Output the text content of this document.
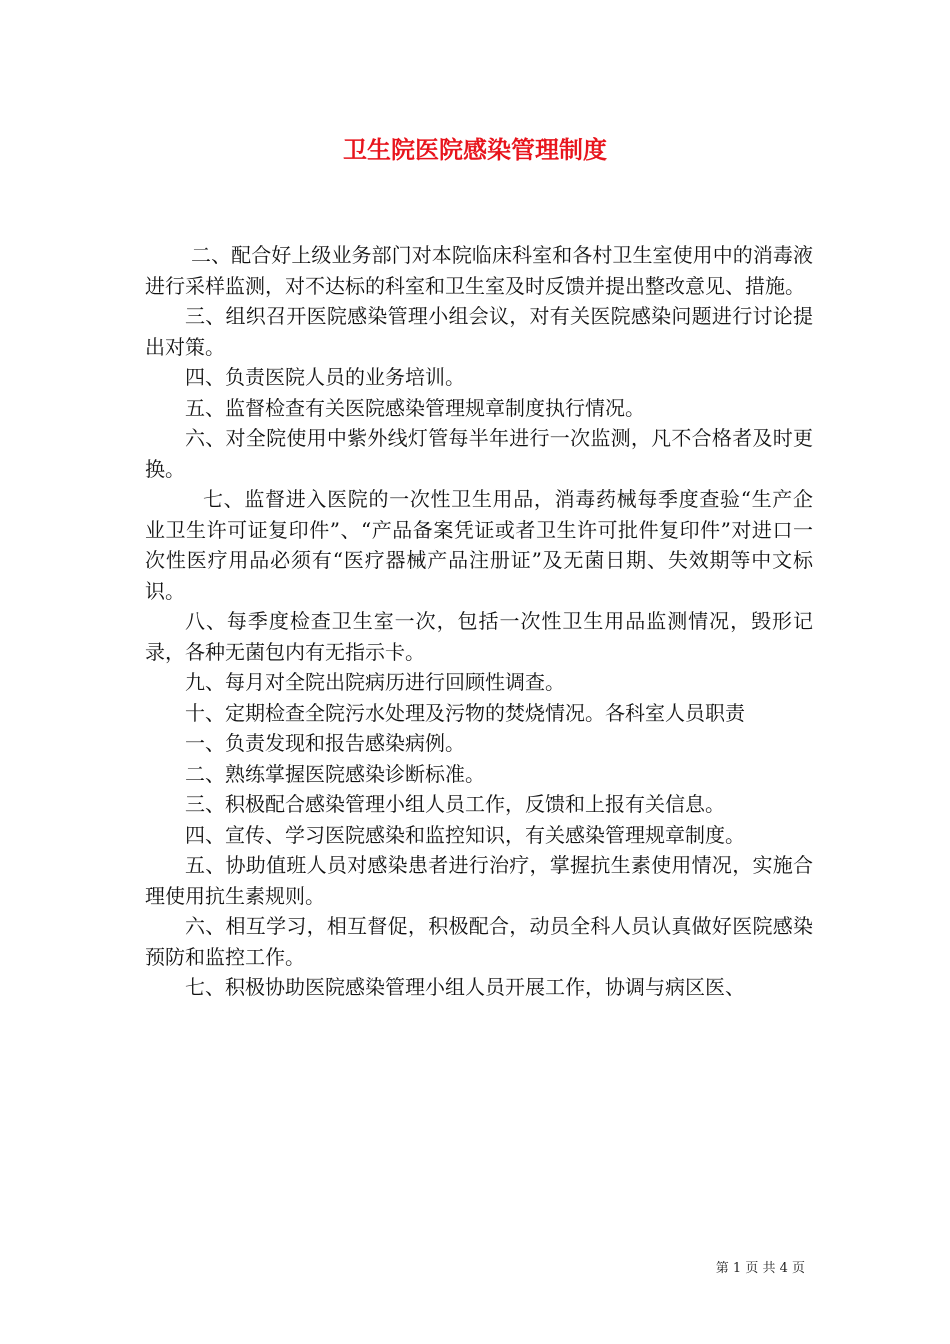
卫生院医院感染管理制度

二、配合好上级业务部门对本院临床科室和各村卫生室使用中的消毒液进行采样监测，对不达标的科室和卫生室及时反馈并提出整改意见、措施。

三、组织召开医院感染管理小组会议，对有关医院感染问题进行讨论提出对策。

四、负责医院人员的业务培训。

五、监督检查有关医院感染管理规章制度执行情况。

六、对全院使用中紫外线灯管每半年进行一次监测，凡不合格者及时更换。

七、监督进入医院的一次性卫生用品，消毒药械每季度查验“生产企业卫生许可证复印件”、“产品备案凭证或者卫生许可批件复印件”对进口一次性医疗用品必须有“医疗器械产品注册证”及无菌日期、失效期等中文标识。

八、每季度检查卫生室一次，包括一次性卫生用品监测情况，毁形记录，各种无菌包内有无指示卡。

九、每月对全院出院病历进行回顾性调查。

十、定期检查全院污水处理及污物的焚烧情况。各科室人员职责

一、负责发现和报告感染病例。

二、熟练掌握医院感染诊断标准。

三、积极配合感染管理小组人员工作，反馈和上报有关信息。

四、宣传、学习医院感染和监控知识，有关感染管理规章制度。

五、协助值班人员对感染患者进行治疗，掌握抗生素使用情况，实施合理使用抗生素规则。

六、相互学习，相互督促，积极配合，动员全科人员认真做好医院感染预防和监控工作。

七、积极协助医院感染管理小组人员开展工作，协调与病区医、

第 1 页 共 4 页
